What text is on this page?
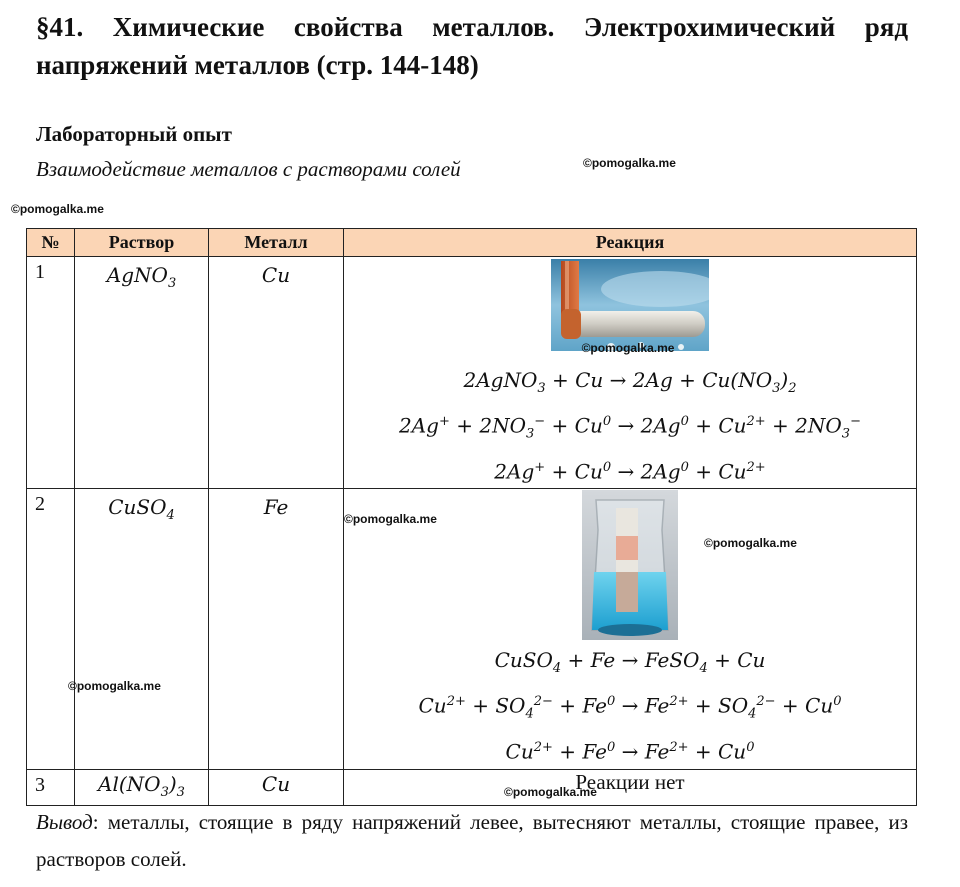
§41. Химические свойства металлов. Электрохимический ряд напряжений металлов (стр. 144-148)

Лабораторный опыт

Взаимодействие металлов с растворами солей	©pomogalka.me
©pomogalka.me
№	Раствор	Металл	Реакция
1	AgNO$_3$	Cu	$^{©pomogalka.me}$
2AgNO$_3$ + $Cu \to 2Ag + Cu(NO_3)_2$
$2Ag^+ + 2NO_3^- + Cu^0 \to 2Ag^0 + Cu^{2+} + 2NO_3^-$
$2Ag^+ + Cu^0 \to 2Ag^0 + Cu^{2+}$

2	CuSO$_4$	Fe	CuSO$_4$ + Fe → FeSO$_4$ + Cu
$Cu^{2+} + SO_4^{2-} + Fe^0 \to Fe^{2+} + SO_4^{2-} + Cu^0$
$Cu^{2+} + Fe^0 \to Fe^{2+} + Cu^0$

3	$Al(NO_3)_3$	Cu	Реакции нет
©pomogalka.me
©pomogalka.me
©pomogalka.me
©pomogalka.me

Вывод: металлы, стоящие в ряду напряжений левее, вытесняют металлы, стоящие правее, из растворов солей.
